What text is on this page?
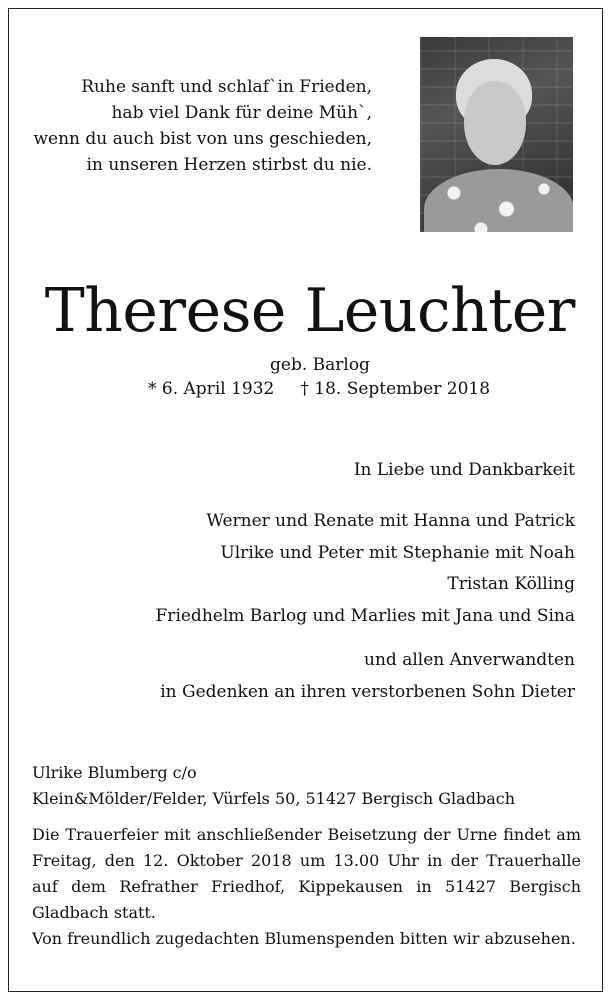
Ruhe sanft und schlaf`in Frieden,
hab viel Dank für deine Müh`,
wenn du auch bist von uns geschieden,
in unseren Herzen stirbst du nie.
Therese Leuchter
geb. Barlog
* 6. April 1932 † 18. September 2018
In Liebe und Dankbarkeit
Werner und Renate mit Hanna und Patrick
Ulrike und Peter mit Stephanie mit Noah
Tristan Kölling
Friedhelm Barlog und Marlies mit Jana und Sina
und allen Anverwandten
in Gedenken an ihren verstorbenen Sohn Dieter
Ulrike Blumberg c/o
Klein&Mölder/Felder, Vürfels 50, 51427 Bergisch Gladbach

Die Trauerfeier mit anschließender Beisetzung der Urne findet am Freitag, den 12. Oktober 2018 um 13.00 Uhr in der Trauerhalle auf dem Refrather Friedhof, Kippekausen in 51427 Bergisch Gladbach statt.

Von freundlich zugedachten Blumenspenden bitten wir abzusehen.
